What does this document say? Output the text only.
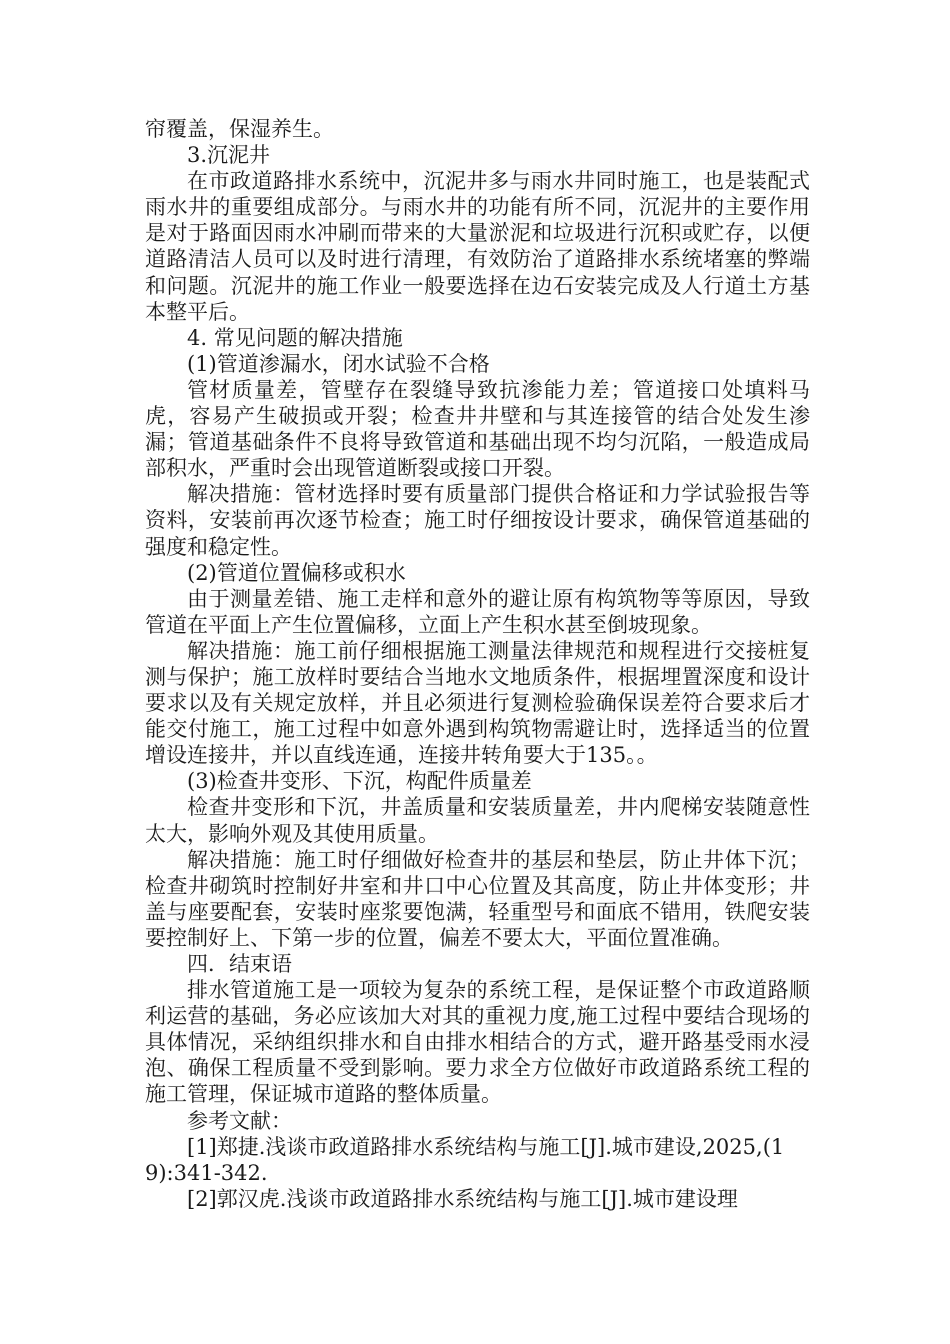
帘覆盖，保湿养生。

3.沉泥井

在市政道路排水系统中，沉泥井多与雨水井同时施工，也是装配式雨水井的重要组成部分。与雨水井的功能有所不同，沉泥井的主要作用是对于路面因雨水冲刷而带来的大量淤泥和垃圾进行沉积或贮存，以便道路清洁人员可以及时进行清理，有效防治了道路排水系统堵塞的弊端和问题。沉泥井的施工作业一般要选择在边石安装完成及人行道土方基本整平后。

4. 常见问题的解决措施

(1)管道渗漏水，闭水试验不合格

管材质量差，管壁存在裂缝导致抗渗能力差；管道接口处填料马虎，容易产生破损或开裂；检查井井壁和与其连接管的结合处发生渗漏；管道基础条件不良将导致管道和基础出现不均匀沉陷，一般造成局部积水，严重时会出现管道断裂或接口开裂。

解决措施：管材选择时要有质量部门提供合格证和力学试验报告等资料，安装前再次逐节检查；施工时仔细按设计要求，确保管道基础的强度和稳定性。

(2)管道位置偏移或积水

由于测量差错、施工走样和意外的避让原有构筑物等等原因，导致管道在平面上产生位置偏移，立面上产生积水甚至倒坡现象。

解决措施：施工前仔细根据施工测量法律规范和规程进行交接桩复测与保护；施工放样时要结合当地水文地质条件，根据埋置深度和设计要求以及有关规定放样，并且必须进行复测检验确保误差符合要求后才能交付施工，施工过程中如意外遇到构筑物需避让时，选择适当的位置增设连接井，并以直线连通，连接井转角要大于135。。

(3)检查井变形、下沉，构配件质量差

检查井变形和下沉，井盖质量和安装质量差，井内爬梯安装随意性太大，影响外观及其使用质量。

解决措施：施工时仔细做好检查井的基层和垫层，防止井体下沉；检查井砌筑时控制好井室和井口中心位置及其高度，防止井体变形；井盖与座要配套，安装时座浆要饱满，轻重型号和面底不错用，铁爬安装要控制好上、下第一步的位置，偏差不要太大，平面位置准确。

四．结束语

排水管道施工是一项较为复杂的系统工程，是保证整个市政道路顺利运营的基础，务必应该加大对其的重视力度,施工过程中要结合现场的具体情况，采纳组织排水和自由排水相结合的方式，避开路基受雨水浸泡、确保工程质量不受到影响。要力求全方位做好市政道路系统工程的施工管理，保证城市道路的整体质量。

参考文献：

[1]郑捷.浅谈市政道路排水系统结构与施工[J].城市建设,2025,(19):341-342.

[2]郭汉虎.浅谈市政道路排水系统结构与施工[J].城市建设理
